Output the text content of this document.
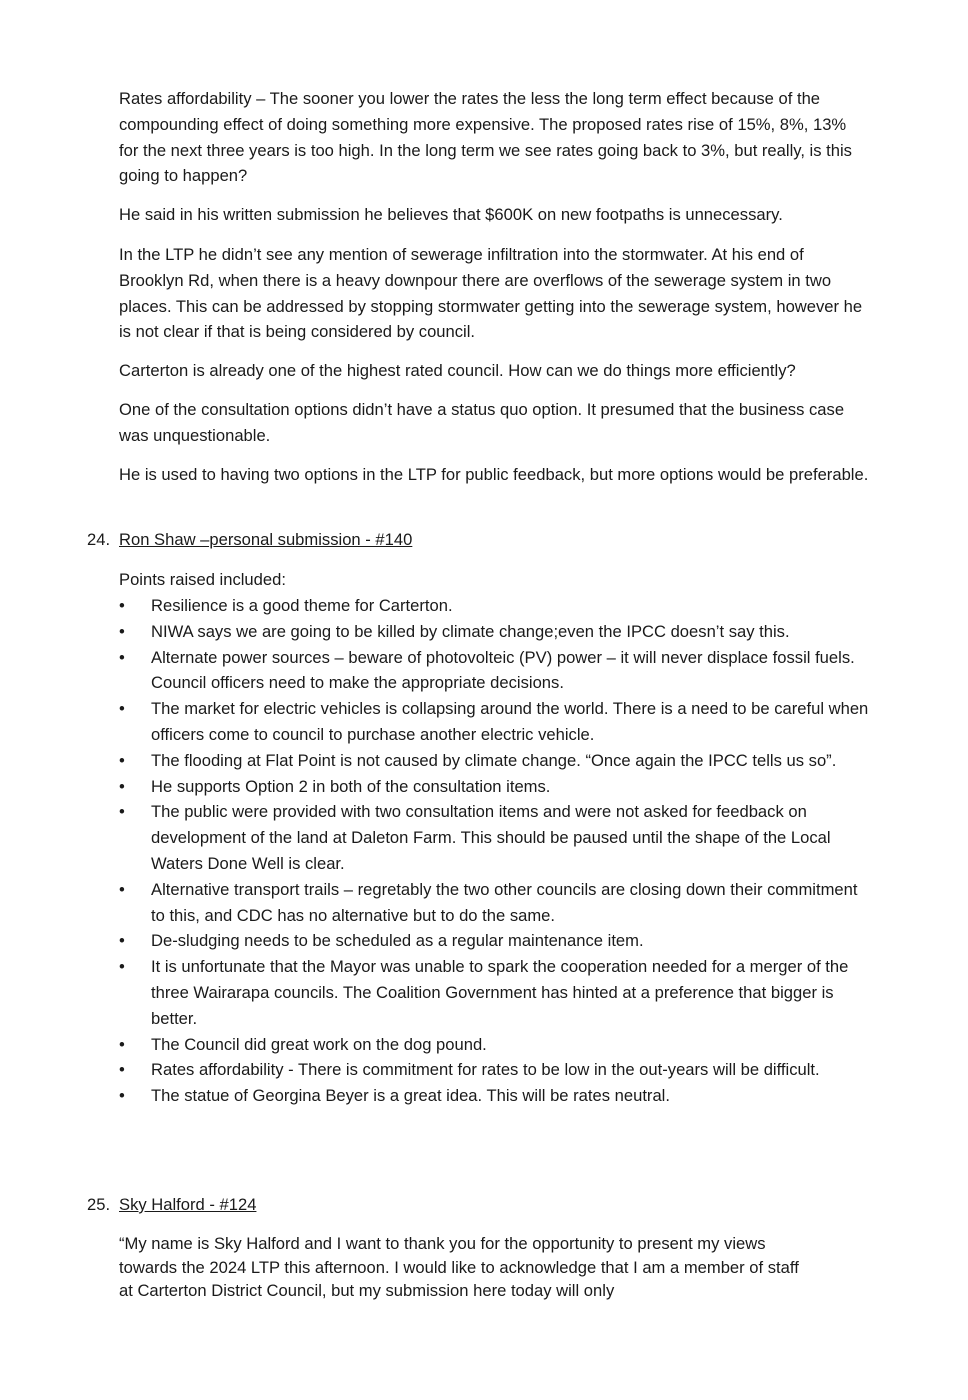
Rates affordability – The sooner you lower the rates the less the long term effect because of the compounding effect of doing something more expensive. The proposed rates rise of 15%, 8%, 13% for the next three years is too high. In the long term we see rates going back to 3%, but really, is this going to happen?

He said in his written submission he believes that $600K on new footpaths is unnecessary.

In the LTP he didn’t see any mention of sewerage infiltration into the stormwater. At his end of Brooklyn Rd, when there is a heavy downpour there are overflows of the sewerage system in two places. This can be addressed by stopping stormwater getting into the sewerage system, however he is not clear if that is being considered by council.

Carterton is already one of the highest rated council. How can we do things more efficiently?

One of the consultation options didn’t have a status quo option. It presumed that the business case was unquestionable.

He is used to having two options in the LTP for public feedback, but more options would be preferable.

24. Ron Shaw –personal submission - #140

Points raised included:

• Resilience is a good theme for Carterton.
• NIWA says we are going to be killed by climate change;even the IPCC doesn’t say this.
• Alternate power sources – beware of photovolteic (PV) power – it will never displace fossil fuels. Council officers need to make the appropriate decisions.
• The market for electric vehicles is collapsing around the world. There is a need to be careful when officers come to council to purchase another electric vehicle.
• The flooding at Flat Point is not caused by climate change. “Once again the IPCC tells us so”.
• He supports Option 2 in both of the consultation items.
• The public were provided with two consultation items and were not asked for feedback on development of the land at Daleton Farm. This should be paused until the shape of the Local Waters Done Well is clear.
• Alternative transport trails – regretably the two other councils are closing down their commitment to this, and CDC has no alternative but to do the same.
• De-sludging needs to be scheduled as a regular maintenance item.
• It is unfortunate that the Mayor was unable to spark the cooperation needed for a merger of the three Wairarapa councils. The Coalition Government has hinted at a preference that bigger is better.
• The Council did great work on the dog pound.
• Rates affordability - There is commitment for rates to be low in the out-years will be difficult.
• The statue of Georgina Beyer is a great idea. This will be rates neutral.

25. Sky Halford - #124

“My name is Sky Halford and I want to thank you for the opportunity to present my views towards the 2024 LTP this afternoon. I would like to acknowledge that I am a member of staff at Carterton District Council, but my submission here today will only
